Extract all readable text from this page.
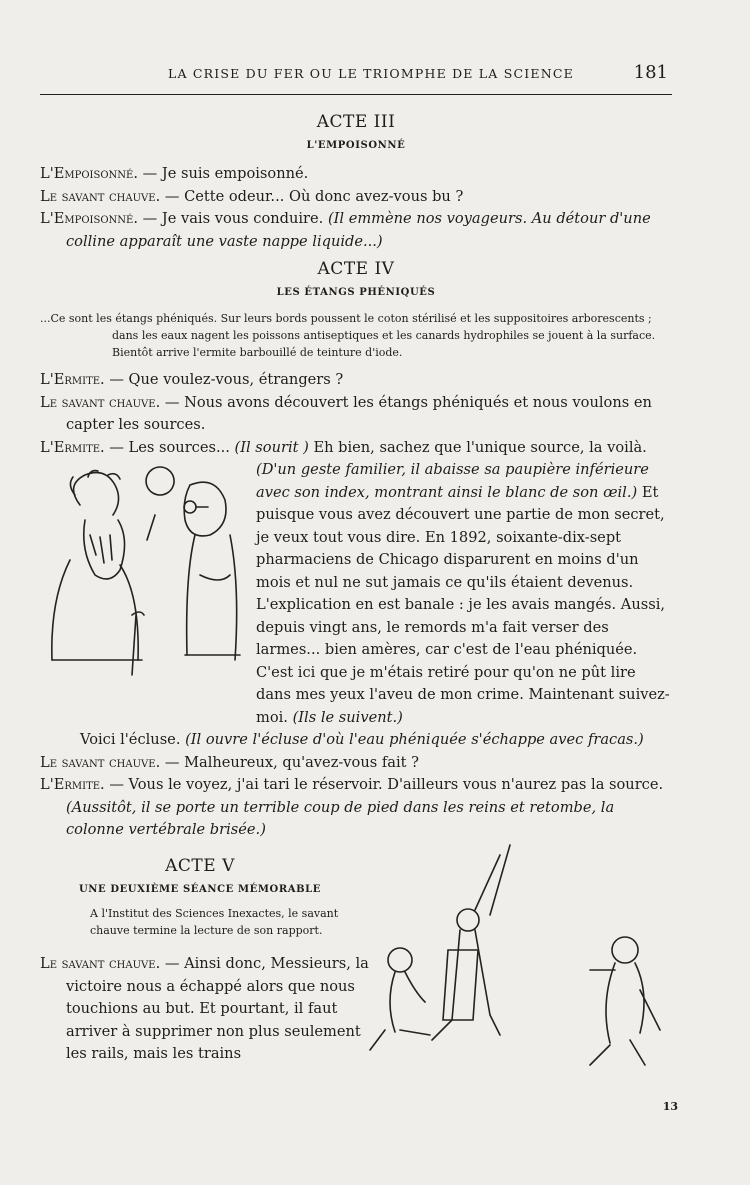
LA CRISE DU FER OU LE TRIOMPHE DE LA SCIENCE	181
ACTE III
L'EMPOISONNÉ

L'Empoisonné. — Je suis empoisonné.

Le savant chauve. — Cette odeur... Où donc avez-vous bu ?

L'Empoisonné. — Je vais vous conduire. (Il emmène nos voyageurs. Au détour d'une colline apparaît une vaste nappe liquide...)

ACTE IV
LES ÉTANGS PHÉNIQUÉS

...Ce sont les étangs phéniqués. Sur leurs bords poussent le coton stérilisé et les suppositoires arborescents ; dans les eaux nagent les poissons antiseptiques et les canards hydrophiles se jouent à la surface. Bientôt arrive l'ermite barbouillé de teinture d'iode.

L'Ermite. — Que voulez-vous, étrangers ?

Le savant chauve. — Nous avons découvert les étangs phéniqués et nous voulons en capter les sources.

L'Ermite. — Les sources... (Il sourit ) Eh bien, sachez que l'unique source, la voilà.

(D'un geste familier, il abaisse sa paupière inférieure avec son index, montrant ainsi le blanc de son œil.) Et puisque vous avez découvert une partie de mon secret, je veux tout vous dire. En 1892, soixante-dix-sept pharmaciens de Chicago disparurent en moins d'un mois et nul ne sut jamais ce qu'ils étaient devenus. L'explication en est banale : je les avais mangés. Aussi, depuis vingt ans, le remords m'a fait verser des larmes... bien amères, car c'est de l'eau phéniquée. C'est ici que je m'étais retiré pour qu'on ne pût lire dans mes yeux l'aveu de mon crime. Maintenant suivez-moi. (Ils le suivent.)

Voici l'écluse. (Il ouvre l'écluse d'où l'eau phéniquée s'échappe avec fracas.)

Le savant chauve. — Malheureux, qu'avez-vous fait ?

L'Ermite. — Vous le voyez, j'ai tari le réservoir. D'ailleurs vous n'aurez pas la source. (Aussitôt, il se porte un terrible coup de pied dans les reins et retombe, la colonne vertébrale brisée.)

ACTE V
UNE DEUXIÈME SÉANCE MÉMORABLE
A l'Institut des Sciences Inexactes, le savant chauve termine la lecture de son rapport.

Le savant chauve. — Ainsi donc, Messieurs, la victoire nous a échappé alors que nous touchions au but. Et pourtant, il faut arriver à supprimer non plus seulement les rails, mais les trains

13
